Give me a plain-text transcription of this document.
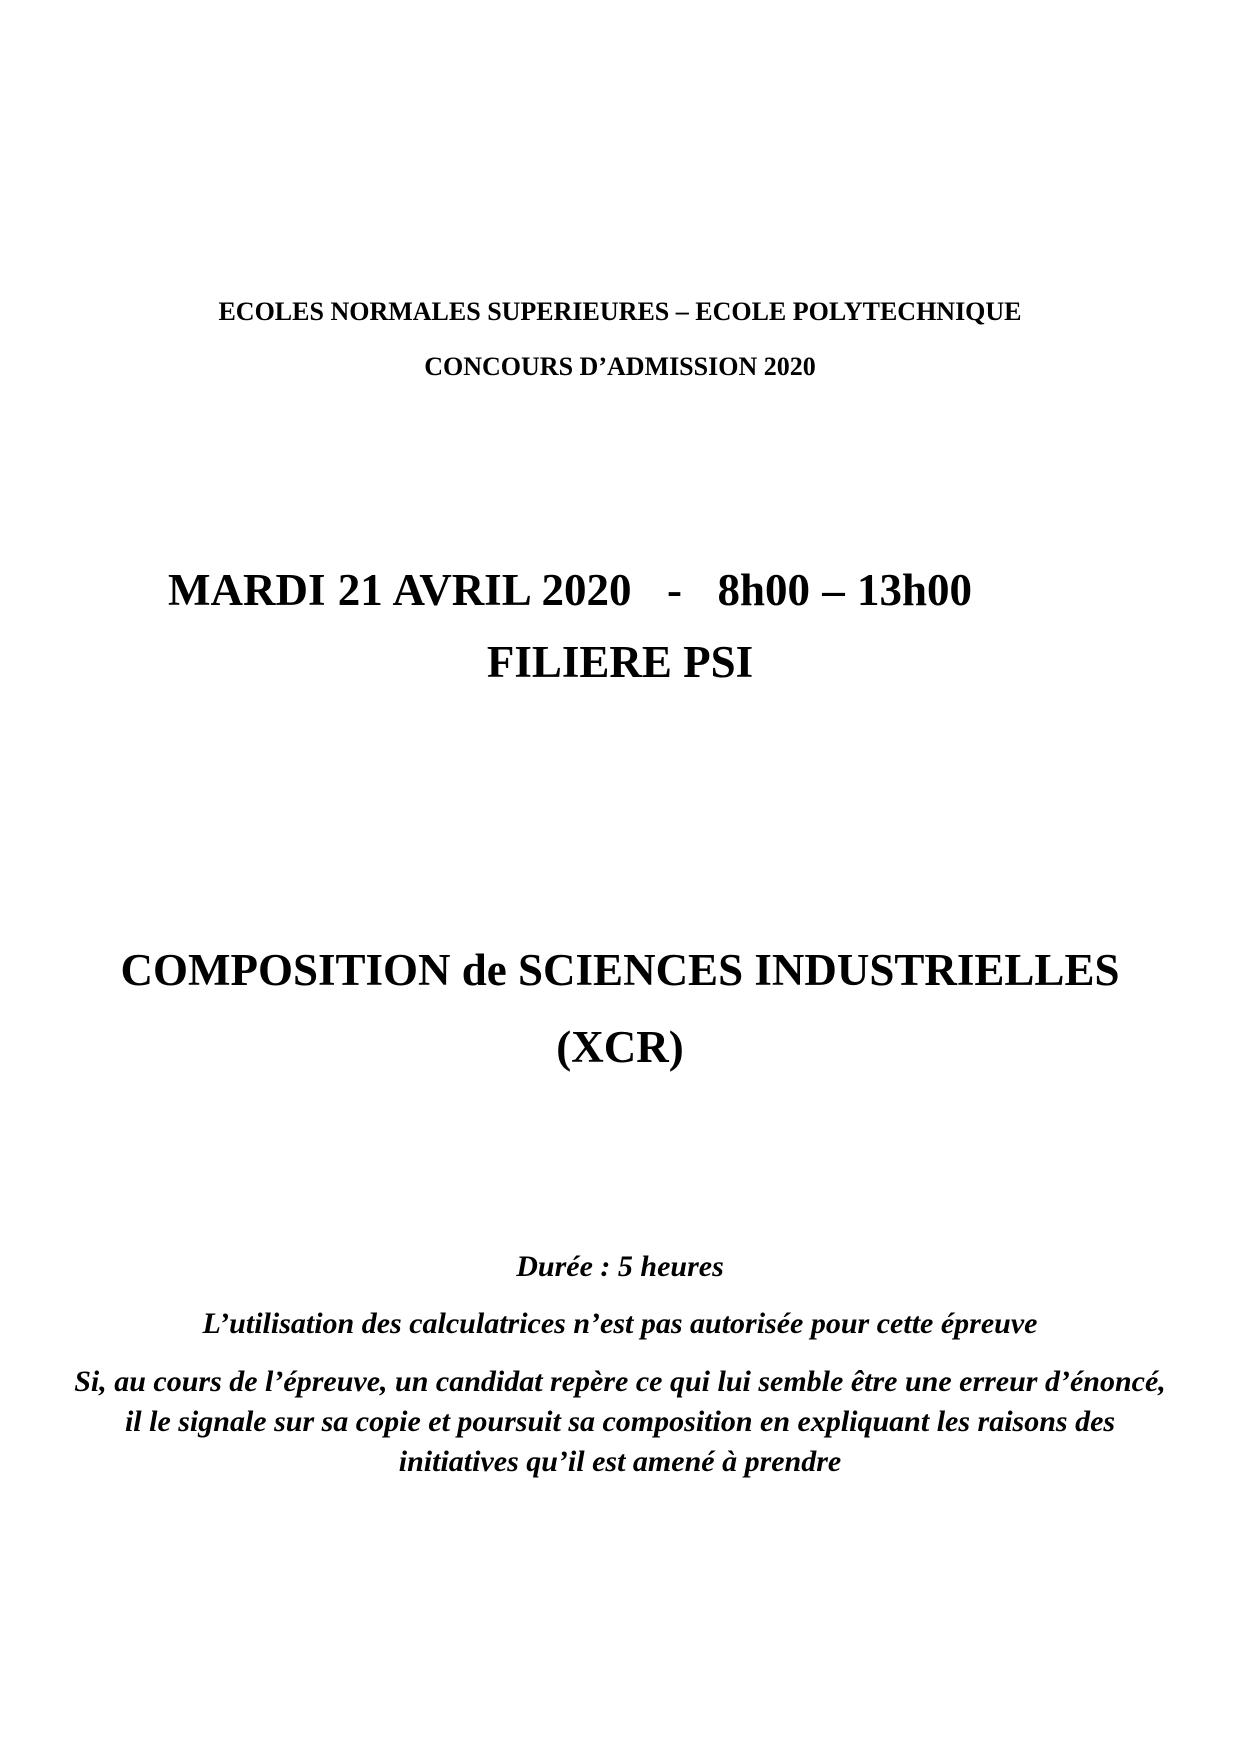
ECOLES NORMALES SUPERIEURES – ECOLE POLYTECHNIQUE

CONCOURS D’ADMISSION 2020

MARDI 21 AVRIL 2020 - 8h00 – 13h00

FILIERE PSI

COMPOSITION de SCIENCES INDUSTRIELLES

(XCR)

Durée : 5 heures

L’utilisation des calculatrices n’est pas autorisée pour cette épreuve

Si, au cours de l’épreuve, un candidat repère ce qui lui semble être une erreur d’énoncé, il le signale sur sa copie et poursuit sa composition en expliquant les raisons des initiatives qu’il est amené à prendre
